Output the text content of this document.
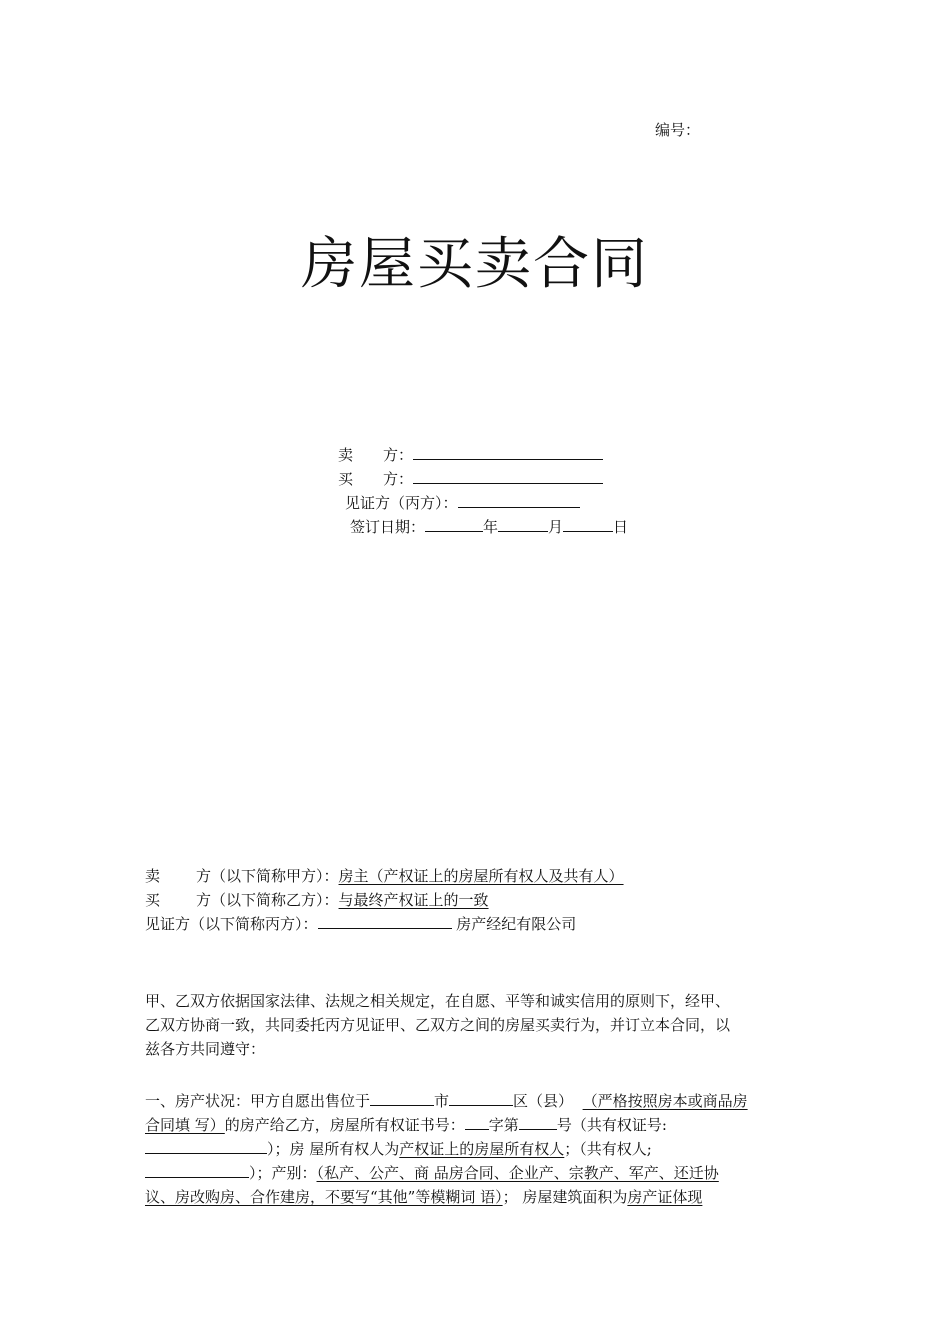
编号：
房屋买卖合同
卖　　方：
买　　方：
见证方（丙方）：
签订日期：	年	月	日
卖 方（以下简称甲方）：房主（产权证上的房屋所有权人及共有人）
买 方（以下简称乙方）：与最终产权证上的一致
见证方（以下简称丙方）：	房产经纪有限公司
甲、乙双方依据国家法律、法规之相关规定，在自愿、平等和诚实信用的原则下，经甲、
乙双方协商一致，共同委托丙方见证甲、乙双方之间的房屋买卖行为，并订立本合同，以
兹各方共同遵守：
一、房产状况：甲方自愿出售位于	市	区（县） （严格按照房本或商品房
合同填 写）的房产给乙方，房屋所有权证书号： 字第	号（共有权证号:
）；房 屋所有权人为产权证上的房屋所有权人；（共有权人;
）；产别：（私产、公产、商 品房合同、企业产、宗教产、军产、还迁协
议、房改购房、合作建房，不要写“其他”等模糊词 语）； 房屋建筑面积为房产证体现
